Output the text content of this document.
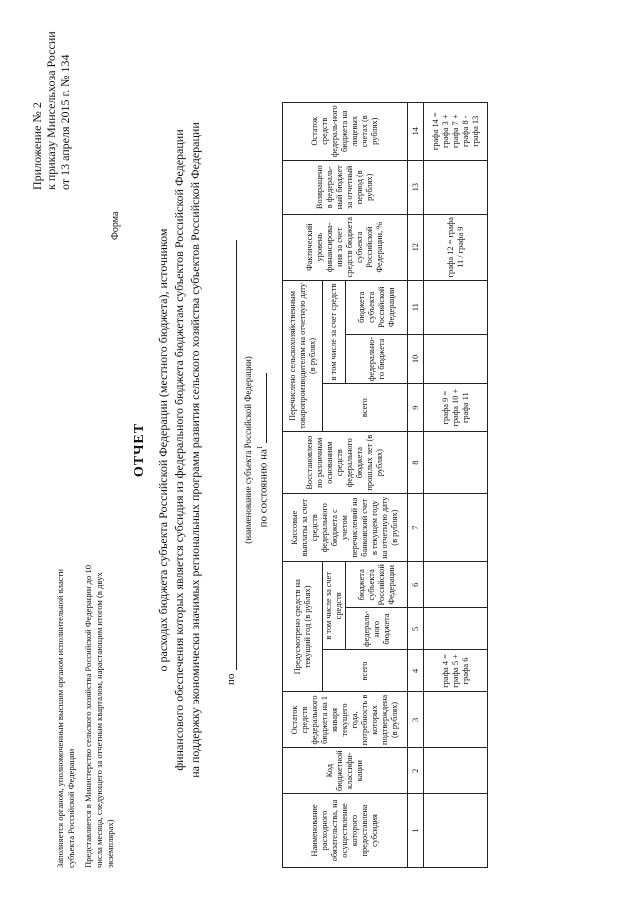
Приложение № 2 к приказу Минсельхоза России от 13 апреля 2015 г. № 134
Форма

Заполняется органом, уполномоченным высшим органом исполнительной власти субъекта Российской Федерации Представляется в Министерство сельского хозяйства Российской Федерации до 10 числа месяца, следующего за отчетным кварталом, нарастающим итогом (в двух экземплярах)

ОТЧЕТ о расходах бюджета субъекта Российской Федерации (местного бюджета), источником финансового обеспечения которых является субсидия из федерального бюджета бюджетам субъектов Российской Федерации на поддержку экономически значимых региональных программ развития сельского хозяйства субъектов Российской Федерации по
(наименование субъекта Российской Федерации) по состоянию $на^1$
Наименование расходного обязательства, на осуществление которого предоставлена субсидия	Код бюджетной классифи-кации	Остаток средств федерального бюджета на 1 января текущего года, потребность в которых подтверждена (в рублях)	Предусмотрено средств на текущий год (в рублях)			Кассовые выплаты за счет средств федерального бюджета с учетом перечислений на банковский счет в текущем году на отчетную дату (в рублях)	Восстановлено по различным основаниям средств федерального бюджета прошлых лет (в рублях)	Перечислено сельскохозяйственным товаропроизводителям на отчетную дату (в рублях)			Фактический уровень финансирова-ния за счет средств бюджета субъекта Российской Федерации, %	Возвращено в федераль-ный бюджет за отчетный период (в рублях)	Остаток средств федераль-ного бюджета на лицевых счетах (в рублях)
			всего	в том числе за счет средств				всего	в том числе за счет средств				
				федераль-ного бюджета	бюджета субъекта Российской Федерации				федерально-го бюджета	бюджета субъекта Российской Федерации			
1	2	3	4	5	6	7	8	9	10	11	12	13	14
			графа 4 = графа 5 + графа 6					графа 9 = графа 10 + графа 11			графа 12 = графа 11 / графа 9		графа 14 = графа 3 + графа 7 + графа 8 - графа 13
